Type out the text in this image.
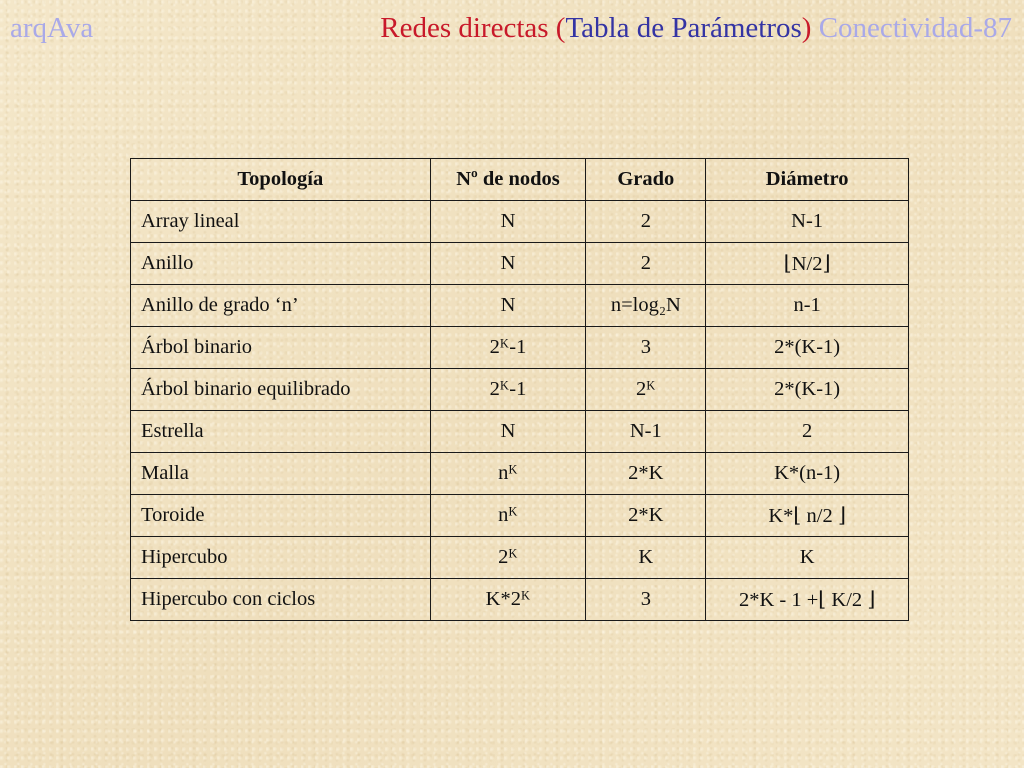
arqAva	Redes directas (Tabla de Parámetros) Conectividad-87
Topología	Nº de nodos	Grado	Diámetro
Array lineal	N	2	N-1
Anillo	N	2	⌊N/2⌋
Anillo de grado ‘n’	N	n=log₂N	n-1
Árbol binario	2ᴷ-1	3	2*(K-1)
Árbol binario equilibrado	2ᴷ-1	2ᴷ	2*(K-1)
Estrella	N	N-1	2
Malla	nᴷ	2*K	K*(n-1)
Toroide	nᴷ	2*K	K*⌊ n/2 ⌋
Hipercubo	2ᴷ	K	K
Hipercubo con ciclos	K*2ᴷ	3	2*K - 1 +⌊ K/2 ⌋
